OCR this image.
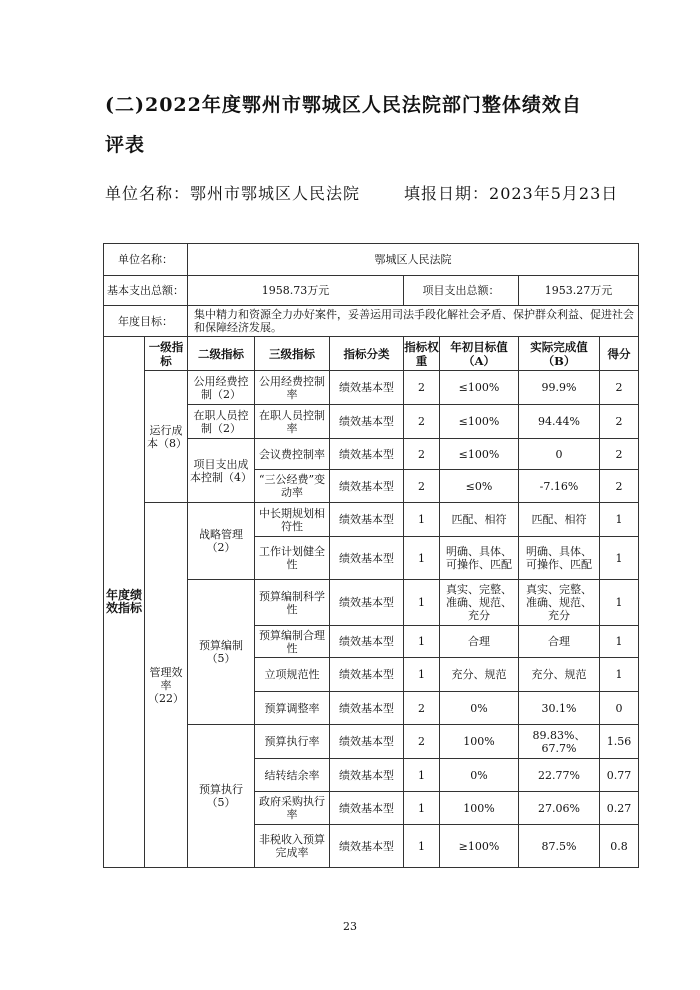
(二)2022年度鄂州市鄂城区人民法院部门整体绩效自
评表
单位名称：鄂州市鄂城区人民法院	填报日期：2023年5月23日
单位名称：		鄂城区人民法院						
基本支出总额：		1958.73万元			项目支出总额：		1953.27万元	
年度目标：		集中精力和资源全力办好案件，妥善运用司法手段化解社会矛盾、保护群众利益、促进社会和保障经济发展。						
年度绩效指标	一级指标	二级指标	三级指标	指标分类	指标权重	年初目标值（A）	实际完成值（B）	得分
	运行成本（8）	公用经费控制（2）	公用经费控制率	绩效基本型	2	≤100%	99.9%	2
		在职人员控制（2）	在职人员控制率	绩效基本型	2	≤100%	94.44%	2
		项目支出成本控制（4）	会议费控制率	绩效基本型	2	≤100%	0	2
			“三公经费”变动率	绩效基本型	2	≤0%	-7.16%	2
	管理效率（22）	战略管理（2）	中长期规划相符性	绩效基本型	1	匹配、相符	匹配、相符	1
			工作计划健全性	绩效基本型	1	明确、具体、可操作、匹配	明确、具体、可操作、匹配	1
		预算编制（5）	预算编制科学性	绩效基本型	1	真实、完整、准确、规范、充分	真实、完整、准确、规范、充分	1
			预算编制合理性	绩效基本型	1	合理	合理	1
			立项规范性	绩效基本型	1	充分、规范	充分、规范	1
			预算调整率	绩效基本型	2	0%	30.1%	0
		预算执行（5）	预算执行率	绩效基本型	2	100%	89.83%、67.7%	1.56
			结转结余率	绩效基本型	1	0%	22.77%	0.77
			政府采购执行率	绩效基本型	1	100%	27.06%	0.27
			非税收入预算完成率	绩效基本型	1	≥100%	87.5%	0.8
23
